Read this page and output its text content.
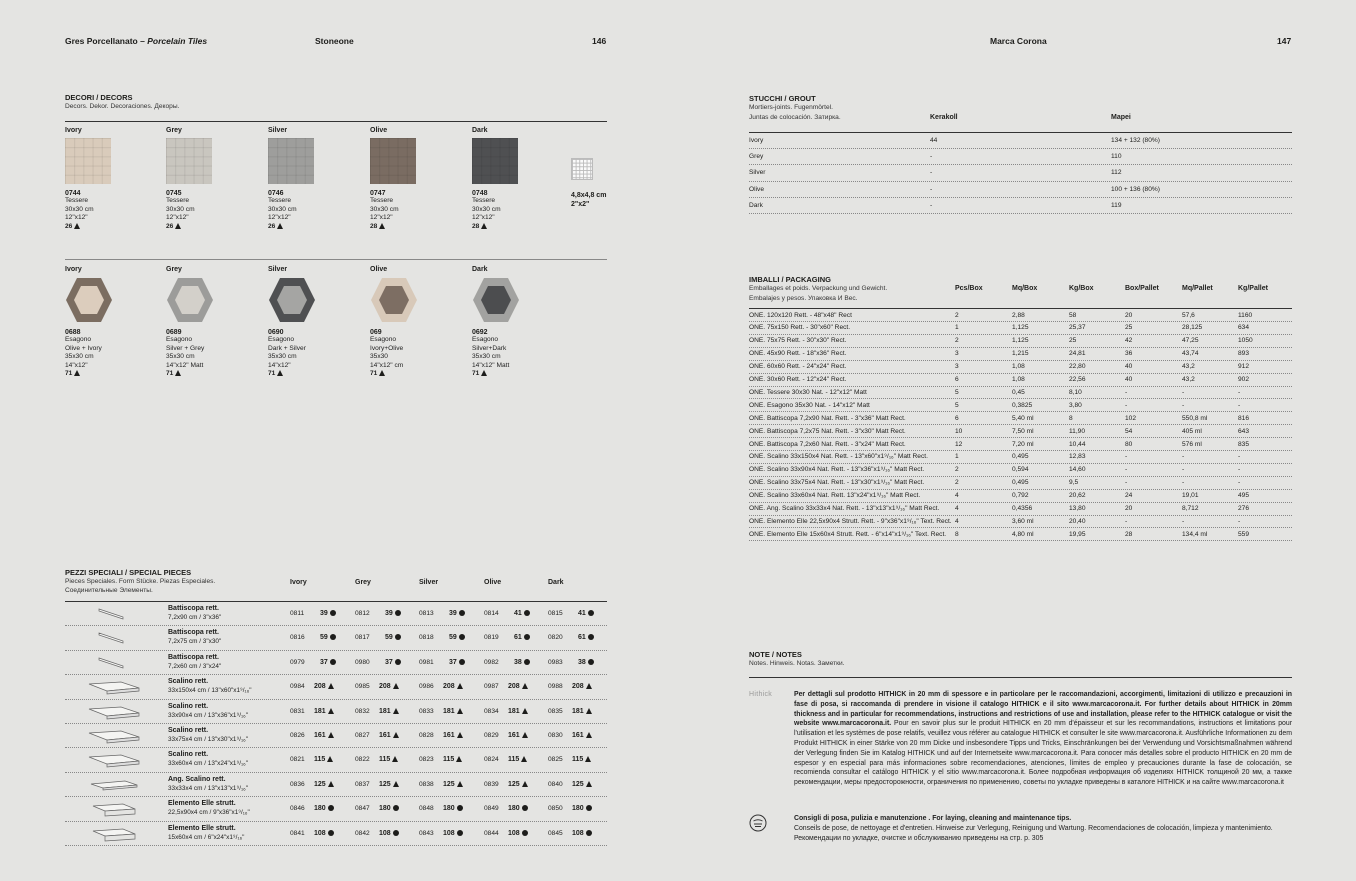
Gres Porcellanato – Porcelain Tiles	Stoneone	146	Marca Corona	147
DECORI / DECORS
Decors. Dekor. Decoraciones. Декоры.
Ivory
0744
Tessere
30x30 cm
12"x12"
26
Grey
0745
Tessere
30x30 cm
12"x12"
26
Silver
0746
Tessere
30x30 cm
12"x12"
26
Olive
0747
Tessere
30x30 cm
12"x12"
28
Dark
0748
Tessere
30x30 cm
12"x12"
28
4,8x4,8 cm
2"x2"
Ivory
0688
Esagono
Olive + Ivory
35x30 cm
14"x12"
71
Grey
0689
Esagono
Silver + Grey
35x30 cm
14"x12" Matt
71
Silver
0690
Esagono
Dark + Silver
35x30 cm
14"x12"
71
Olive
069
Esagono
Ivory+Olive
35x30
14"x12" cm
71
Dark
0692
Esagono
Silver+Dark
35x30 cm
14"x12" Matt
71
PEZZI SPECIALI / SPECIAL PIECES
Pieces Speciales. Form Stücke. Piezas Especiales.
Соединительные Элементы.
Ivory	Grey	Silver	Olive	Dark
Battiscopa rett.
7,2x90 cm / 3"x36"
0811 39	0812 39	0813 39	0814 41	0815 41
Battiscopa rett.
7,2x75 cm / 3"x30"
0816 59	0817 59	0818 59	0819 61	0820 61
Battiscopa rett.
7,2x60 cm / 3"x24"
0979 37	0980 37	0981 37	0982 38	0983 38
Scalino rett.
33x150x4 cm / 13"x60"x1⁹/₁₆"
0984 208	0985 208	0986 208	0987 208	0988 208
Scalino rett.
33x90x4 cm / 13"x36"x1⁹/₁₆"
0831 181	0832 181	0833 181	0834 181	0835 181
Scalino rett.
33x75x4 cm / 13"x30"x1⁹/₁₆"
0826 161	0827 161	0828 161	0829 161	0830 161
Scalino rett.
33x60x4 cm / 13"x24"x1⁹/₁₆"
0821 115	0822 115	0823 115	0824 115	0825 115
Ang. Scalino rett.
33x33x4 cm / 13"x13"x1⁹/₁₆"
0836 125	0837 125	0838 125	0839 125	0840 125
Elemento Elle strutt.
22,5x90x4 cm / 9"x36"x1⁹/₁₆"
0846 180	0847 180	0848 180	0849 180	0850 180
Elemento Elle strutt.
15x60x4 cm / 6"x24"x1⁹/₁₆"
0841 108	0842 108	0843 108	0844 108	0845 108
STUCCHI / GROUT
Mortiers-joints. Fugenmörtel.
Juntas de colocación. Затирка.	Kerakoll	Mapei
Ivory	44	134 + 132 (80%)
Grey	-	110
Silver	-	112
Olive	-	100 + 136 (80%)
Dark	-	119
IMBALLI / PACKAGING
Emballages et poids. Verpackung und Gewicht.
Embalajes y pesos. Упаковка И Вес.
Pcs/Box	Mq/Box	Kg/Box	Box/Pallet	Mq/Pallet	Kg/Pallet
ONE. 120x120 Rett. - 48"x48" Rect	2	2,88	58	20	57,6	1160
ONE. 75x150 Rett. - 30"x60" Rect.	1	1,125	25,37	25	28,125	634
ONE. 75x75 Rett. - 30"x30" Rect.	2	1,125	25	42	47,25	1050
ONE. 45x90 Rett. - 18"x36" Rect.	3	1,215	24,81	36	43,74	893
ONE. 60x60 Rett. - 24"x24" Rect.	3	1,08	22,80	40	43,2	912
ONE. 30x60 Rett. - 12"x24" Rect.	6	1,08	22,56	40	43,2	902
ONE. Tessere 30x30 Nat. - 12"x12" Matt	5	0,45	8,10	-	-	-
ONE. Esagono 35x30 Nat. - 14"x12" Matt	5	0,3825	3,80	-	-	-
ONE. Battiscopa 7,2x90 Nat. Rett. - 3"x36" Matt Rect.	6	5,40 ml	8	102	550,8 ml	816
ONE. Battiscopa 7,2x75 Nat. Rett. - 3"x30" Matt Rect.	10	7,50 ml	11,90	54	405 ml	643
ONE. Battiscopa 7,2x60 Nat. Rett. - 3"x24" Matt Rect.	12	7,20 ml	10,44	80	576 ml	835
ONE. Scalino 33x150x4 Nat. Rett. - 13"x60"x1⁹/₁₆" Matt Rect.	1	0,495	12,83	-	-	-
ONE. Scalino 33x90x4 Nat. Rett. - 13"x36"x1⁹/₁₆" Matt Rect.	2	0,594	14,60	-	-	-
ONE. Scalino 33x75x4 Nat. Rett. - 13"x30"x1⁹/₁₆" Matt Rect.	2	0,495	9,5	-	-	-
ONE. Scalino 33x60x4 Nat. Rett. 13"x24"x1⁹/₁₆" Matt Rect.	4	0,792	20,62	24	19,01	495
ONE. Ang. Scalino 33x33x4 Nat. Rett. - 13"x13"x1⁹/₁₆" Matt Rect. 4	0,4356	13,80	20	8,712	276
ONE. Elemento Elle 22,5x90x4 Strutt. Rett. - 9"x36"x1⁹/₁₆" Text. Rect. 4	3,60 ml	20,40	-	-	-
ONE. Elemento Elle 15x60x4 Strutt. Rett. - 6"x14"x1⁹/₁₆" Text. Rect. 8	4,80 ml	19,95	28	134,4 ml	559
NOTE / NOTES
Notes. Hinweis. Notas. Заметки.
Hithick	Per dettagli sul prodotto HITHICK in 20 mm di spessore e in particolare per le raccomandazioni, accorgimenti, limitazioni di utilizzo e precauzioni in fase di posa, si raccomanda di prendere in visione il catalogo HITHICK e il sito www.marcacorona.it. For further details about HITHICK in 20mm thickness and in particular for recommendations, instructions and restrictions of use and installation, please refer to the HITHICK catalogue or visit the website www.marcacorona.it. Pour en savoir plus sur le produit HITHICK en 20 mm d'épaisseur et sur les recommandations, instructions et limitations pour l'utilisation et les systèmes de pose relatifs, veuillez vous référer au catalogue HITHICK et consulter le site www.marcacorona.it. Ausführliche Informationen zu dem Produkt HITHICK in einer Stärke von 20 mm Dicke und insbesondere Tipps und Tricks, Einschränkungen bei der Verwendung und Vorsichtsmaßnahmen während der Verlegung finden Sie im Katalog HITHICK und auf der Internetseite www.marcacorona.it. Para conocer más detalles sobre el producto HITHICK en 20 mm de espesor y en especial para más informaciones sobre recomendaciones, atenciones, límites de empleo y precauciones durante la fase de colocación, se recomienda consultar el catálogo HITHICK y el sitio www.marcacorona.it. Более подробная информация об изделиях HITHICK толщиной 20 мм, а также рекомендации, меры предосторожности, ограничения по применению, советы по укладке приведены в каталоге HITHICK и на сайте www.marcacorona.it
Consigli di posa, pulizia e manutenzione . For laying, cleaning and maintenance tips.
Conseils de pose, de nettoyage et d'entretien. Hinweise zur Verlegung, Reinigung und Wartung. Recomendaciones de colocación, limpieza y mantenimiento. Рекомендации по укладке, очистке и обслуживанию приведены на стр. р. 305
